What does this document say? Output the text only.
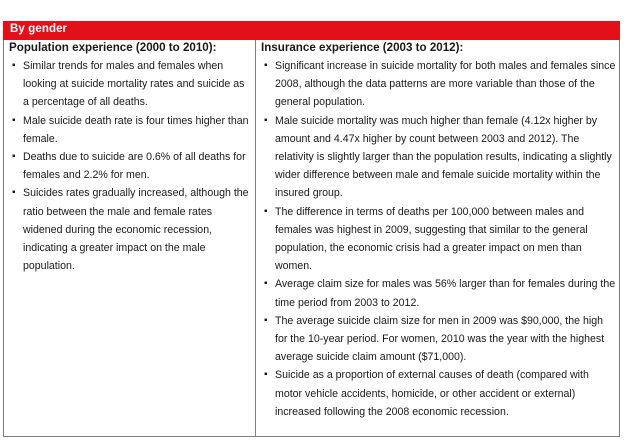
By gender
Population experience (2000 to 2010):
▪ Similar trends for males and females when looking at suicide mortality rates and suicide as a percentage of all deaths.
▪ Male suicide death rate is four times higher than female.
▪ Deaths due to suicide are 0.6% of all deaths for females and 2.2% for men.
▪ Suicides rates gradually increased, although the ratio between the male and female rates widened during the economic recession, indicating a greater impact on the male population.
Insurance experience (2003 to 2012):
▪ Significant increase in suicide mortality for both males and females since 2008, although the data patterns are more variable than those of the general population.
▪ Male suicide mortality was much higher than female (4.12x higher by amount and 4.47x higher by count between 2003 and 2012). The relativity is slightly larger than the population results, indicating a slightly wider difference between male and female suicide mortality within the insured group.
▪ The difference in terms of deaths per 100,000 between males and females was highest in 2009, suggesting that similar to the general population, the economic crisis had a greater impact on men than women.
▪ Average claim size for males was 56% larger than for females during the time period from 2003 to 2012.
▪ The average suicide claim size for men in 2009 was $90,000, the high for the 10-year period. For women, 2010 was the year with the highest average suicide claim amount ($71,000).
▪ Suicide as a proportion of external causes of death (compared with motor vehicle accidents, homicide, or other accident or external) increased following the 2008 economic recession.
